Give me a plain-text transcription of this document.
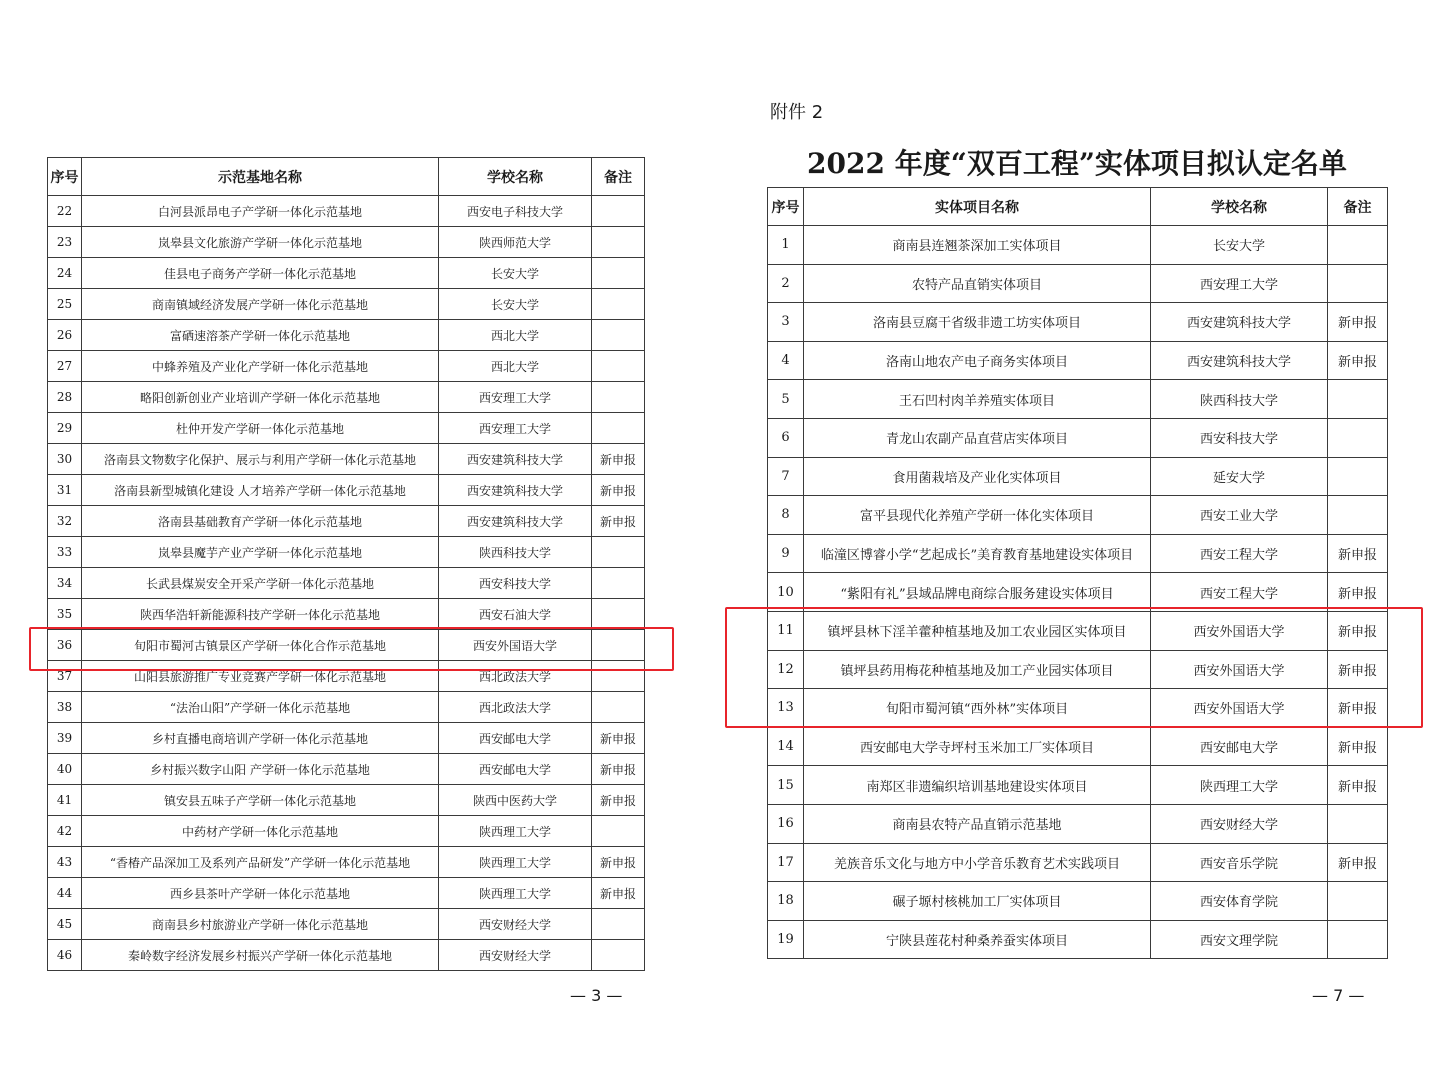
序号	示范基地名称	学校名称	备注
22	白河县派昂电子产学研一体化示范基地	西安电子科技大学	
23	岚皋县文化旅游产学研一体化示范基地	陕西师范大学	
24	佳县电子商务产学研一体化示范基地	长安大学	
25	商南镇域经济发展产学研一体化示范基地	长安大学	
26	富硒速溶茶产学研一体化示范基地	西北大学	
27	中蜂养殖及产业化产学研一体化示范基地	西北大学	
28	略阳创新创业产业培训产学研一体化示范基地	西安理工大学	
29	杜仲开发产学研一体化示范基地	西安理工大学	
30	洛南县文物数字化保护、展示与利用产学研一体化示范基地	西安建筑科技大学	新申报
31	洛南县新型城镇化建设 人才培养产学研一体化示范基地	西安建筑科技大学	新申报
32	洛南县基础教育产学研一体化示范基地	西安建筑科技大学	新申报
33	岚皋县魔芋产业产学研一体化示范基地	陕西科技大学	
34	长武县煤炭安全开采产学研一体化示范基地	西安科技大学	
35	陕西华浩轩新能源科技产学研一体化示范基地	西安石油大学	
36	旬阳市蜀河古镇景区产学研一体化合作示范基地	西安外国语大学	
37	山阳县旅游推广专业竞赛产学研一体化示范基地	西北政法大学	
38	“法治山阳”产学研一体化示范基地	西北政法大学	
39	乡村直播电商培训产学研一体化示范基地	西安邮电大学	新申报
40	乡村振兴数字山阳 产学研一体化示范基地	西安邮电大学	新申报
41	镇安县五味子产学研一体化示范基地	陕西中医药大学	新申报
42	中药材产学研一体化示范基地	陕西理工大学	
43	“香椿产品深加工及系列产品研发”产学研一体化示范基地	陕西理工大学	新申报
44	西乡县茶叶产学研一体化示范基地	陕西理工大学	新申报
45	商南县乡村旅游业产学研一体化示范基地	西安财经大学	
46	秦岭数字经济发展乡村振兴产学研一体化示范基地	西安财经大学	
— 3 —
附件 2
2022 年度“双百工程”实体项目拟认定名单
序号	实体项目名称	学校名称	备注
1	商南县连翘茶深加工实体项目	长安大学	
2	农特产品直销实体项目	西安理工大学	
3	洛南县豆腐干省级非遗工坊实体项目	西安建筑科技大学	新申报
4	洛南山地农产电子商务实体项目	西安建筑科技大学	新申报
5	王石凹村肉羊养殖实体项目	陕西科技大学	
6	青龙山农副产品直营店实体项目	西安科技大学	
7	食用菌栽培及产业化实体项目	延安大学	
8	富平县现代化养殖产学研一体化实体项目	西安工业大学	
9	临潼区博睿小学“艺起成长”美育教育基地建设实体项目	西安工程大学	新申报
10	“紫阳有礼”县域品牌电商综合服务建设实体项目	西安工程大学	新申报
11	镇坪县林下淫羊藿种植基地及加工农业园区实体项目	西安外国语大学	新申报
12	镇坪县药用梅花种植基地及加工产业园实体项目	西安外国语大学	新申报
13	旬阳市蜀河镇“西外林”实体项目	西安外国语大学	新申报
14	西安邮电大学寺坪村玉米加工厂实体项目	西安邮电大学	新申报
15	南郑区非遗编织培训基地建设实体项目	陕西理工大学	新申报
16	商南县农特产品直销示范基地	西安财经大学	
17	羌族音乐文化与地方中小学音乐教育艺术实践项目	西安音乐学院	新申报
18	碾子塬村核桃加工厂实体项目	西安体育学院	
19	宁陕县莲花村种桑养蚕实体项目	西安文理学院	
— 7 —
